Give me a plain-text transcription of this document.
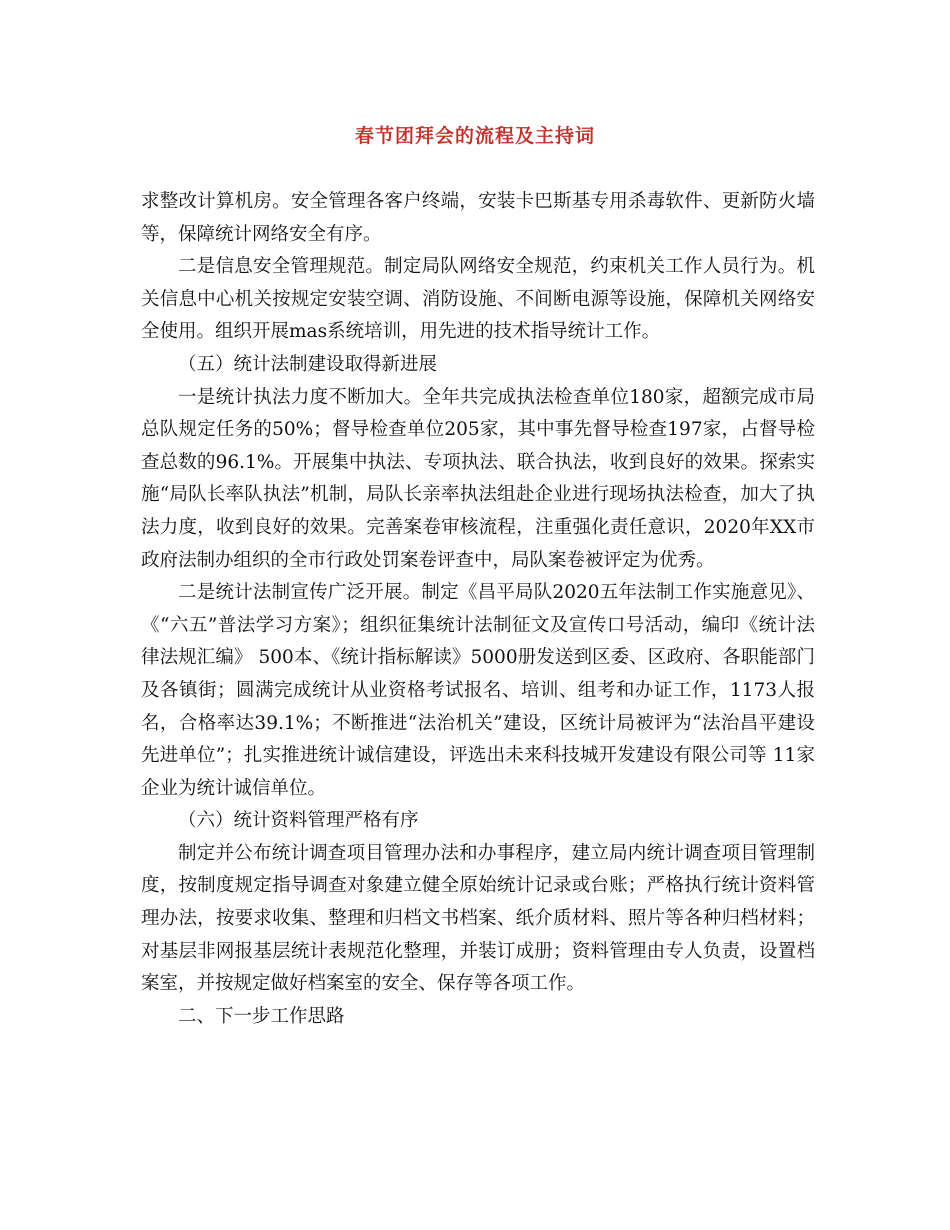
春节团拜会的流程及主持词

求整改计算机房。安全管理各客户终端，安装卡巴斯基专用杀毒软件、更新防火墙等，保障统计网络安全有序。

二是信息安全管理规范。制定局队网络安全规范，约束机关工作人员行为。机关信息中心机关按规定安装空调、消防设施、不间断电源等设施，保障机关网络安全使用。组织开展mas系统培训，用先进的技术指导统计工作。

（五）统计法制建设取得新进展

一是统计执法力度不断加大。全年共完成执法检查单位180家，超额完成市局总队规定任务的50%；督导检查单位205家，其中事先督导检查197家，占督导检查总数的96.1%。开展集中执法、专项执法、联合执法，收到良好的效果。探索实施“局队长率队执法”机制，局队长亲率执法组赴企业进行现场执法检查，加大了执法力度，收到良好的效果。完善案卷审核流程，注重强化责任意识，2020年XX市政府法制办组织的全市行政处罚案卷评查中，局队案卷被评定为优秀。

二是统计法制宣传广泛开展。制定《昌平局队2020五年法制工作实施意见》、《“六五”普法学习方案》；组织征集统计法制征文及宣传口号活动，编印《统计法律法规汇编》 500本、《统计指标解读》5000册发送到区委、区政府、各职能部门及各镇街；圆满完成统计从业资格考试报名、培训、组考和办证工作，1173人报名，合格率达39.1%；不断推进“法治机关”建设，区统计局被评为“法治昌平建设先进单位”；扎实推进统计诚信建设，评选出未来科技城开发建设有限公司等 11家企业为统计诚信单位。

（六）统计资料管理严格有序

制定并公布统计调查项目管理办法和办事程序，建立局内统计调查项目管理制度，按制度规定指导调查对象建立健全原始统计记录或台账；严格执行统计资料管理办法，按要求收集、整理和归档文书档案、纸介质材料、照片等各种归档材料；对基层非网报基层统计表规范化整理，并装订成册；资料管理由专人负责，设置档案室，并按规定做好档案室的安全、保存等各项工作。

二、下一步工作思路
